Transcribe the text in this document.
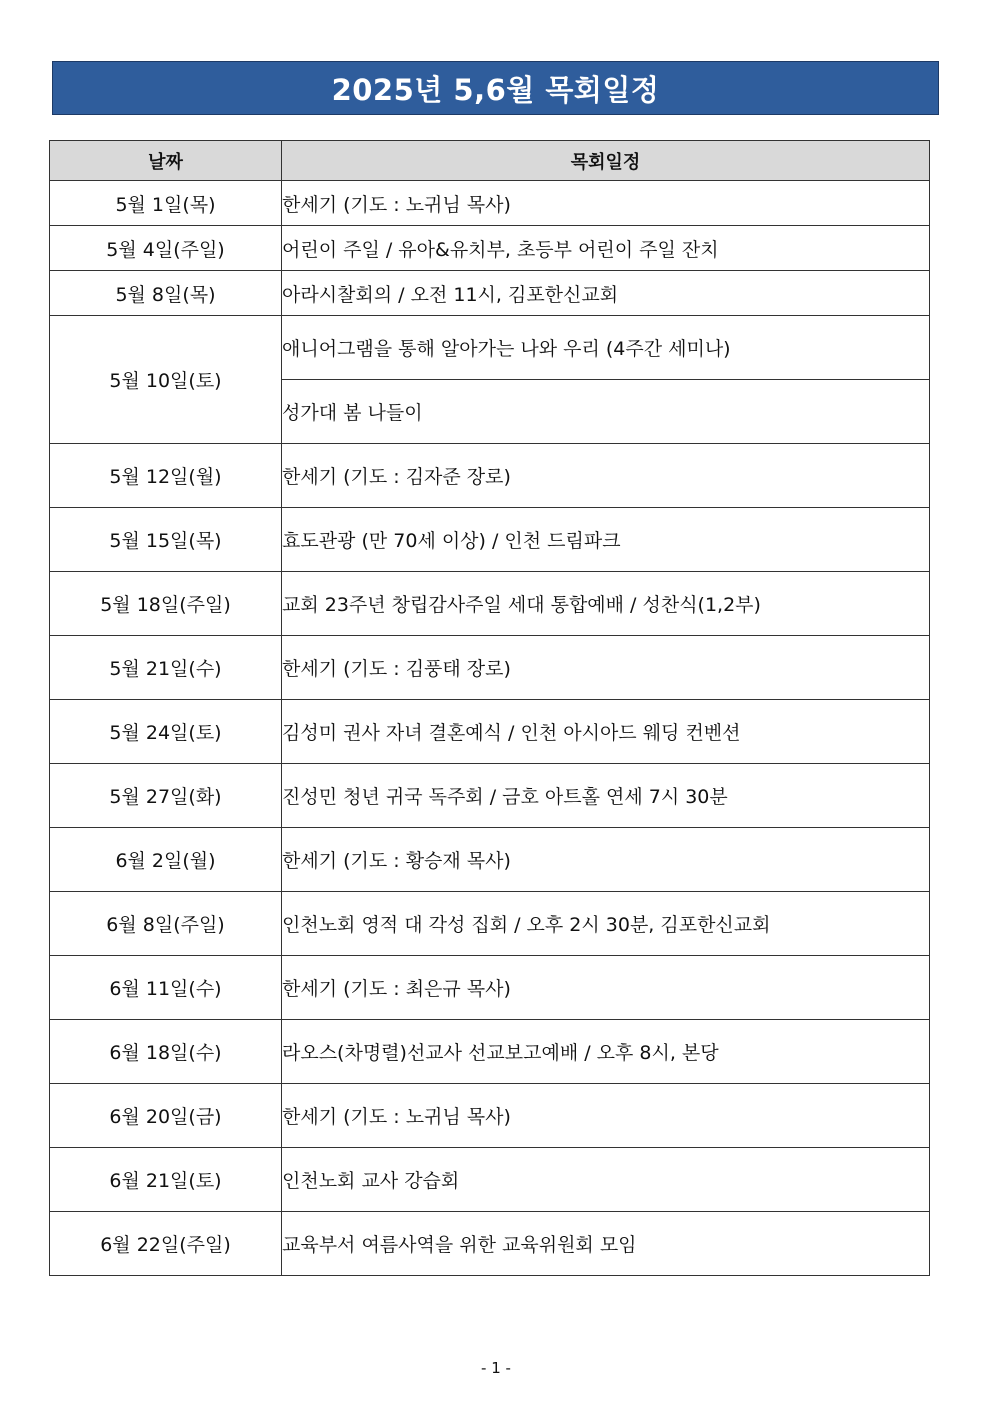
2025년 5,6월 목회일정
날짜	목회일정
5월 1일(목)	한세기 (기도 : 노귀님 목사)
5월 4일(주일)	어린이 주일 / 유아&유치부, 초등부 어린이 주일 잔치
5월 8일(목)	아라시찰회의 / 오전 11시, 김포한신교회
5월 10일(토)	애니어그램을 통해 알아가는 나와 우리 (4주간 세미나)
	성가대 봄 나들이
5월 12일(월)	한세기 (기도 : 김자준 장로)
5월 15일(목)	효도관광 (만 70세 이상) / 인천 드림파크
5월 18일(주일)	교회 23주년 창립감사주일 세대 통합예배 / 성찬식(1,2부)
5월 21일(수)	한세기 (기도 : 김풍태 장로)
5월 24일(토)	김성미 권사 자녀 결혼예식 / 인천 아시아드 웨딩 컨벤션
5월 27일(화)	진성민 청년 귀국 독주회 / 금호 아트홀 연세 7시 30분
6월 2일(월)	한세기 (기도 : 황승재 목사)
6월 8일(주일)	인천노회 영적 대 각성 집회 / 오후 2시 30분, 김포한신교회
6월 11일(수)	한세기 (기도 : 최은규 목사)
6월 18일(수)	라오스(차명렬)선교사 선교보고예배 / 오후 8시, 본당
6월 20일(금)	한세기 (기도 : 노귀님 목사)
6월 21일(토)	인천노회 교사 강습회
6월 22일(주일)	교육부서 여름사역을 위한 교육위원회 모임
- 1 -
